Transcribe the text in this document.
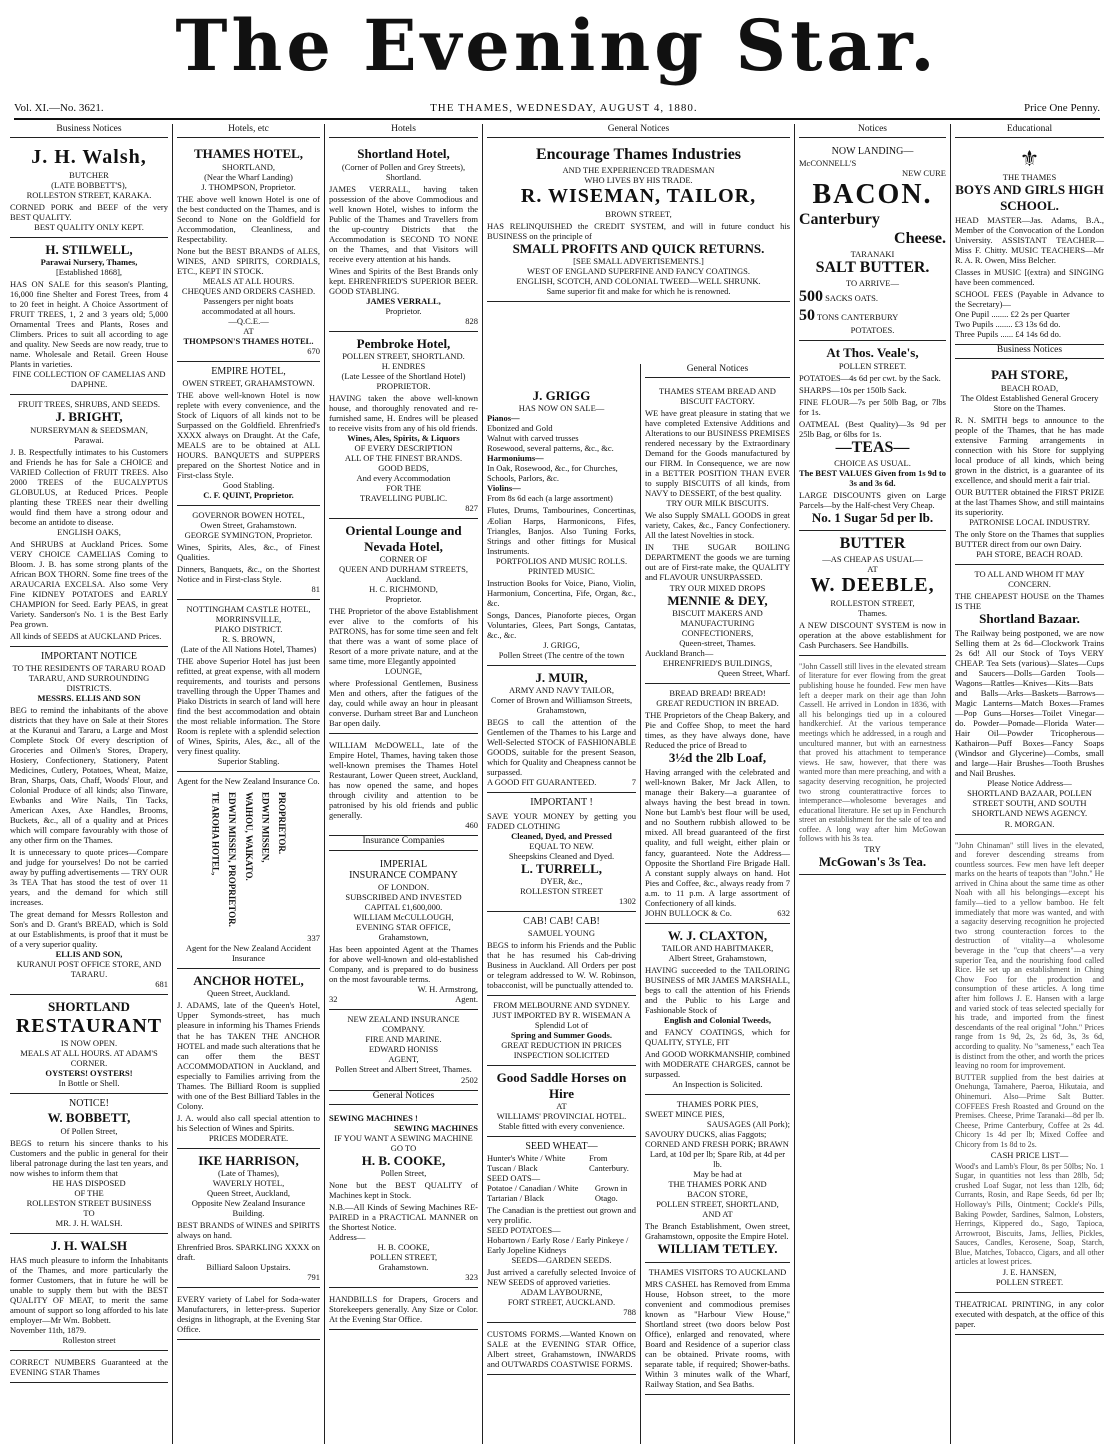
The Evening Star.
Vol. XI.—No. 3621.	THE THAMES, WEDNESDAY, AUGUST 4, 1880.	Price One Penny.
Business Notices
J. H. Walsh,
BUTCHER
(LATE BOBBETT'S),
ROLLESTON STREET, KARAKA.

CORNED PORK and BEEF of the very BEST QUALITY.

BEST QUALITY ONLY KEPT.
H. STILWELL,
Parawai Nursery, Thames,
[Established 1868],

HAS ON SALE for this season's Planting, 16,000 fine Shelter and Forest Trees, from 4 to 20 feet in height. A Choice Assortment of FRUIT TREES, 1, 2 and 3 years old; 5,000 Ornamental Trees and Plants, Roses and Climbers. Prices to suit all according to age and quality. New Seeds are now ready, true to name. Wholesale and Retail. Green House Plants in varieties.

FINE COLLECTION OF CAMELIAS AND DAPHNE.
FRUIT TREES, SHRUBS, AND SEEDS.
J. BRIGHT,
NURSERYMAN & SEEDSMAN,
Parawai.

J. B. Respectfully intimates to his Customers and Friends he has for Sale a CHOICE and VARIED Collection of FRUIT TREES. Also 2000 TREES of the EUCALYPTUS GLOBULUS, at Reduced Prices. People planting these TREES near their dwelling would find them have a strong odour and become an antidote to disease.

ENGLISH OAKS,

And SHRUBS at Auckland Prices. Some VERY CHOICE CAMELIAS Coming to Bloom. J. B. has some strong plants of the African BOX THORN. Some fine trees of the ARAUCARIA EXCELSA. Also some Very Fine KIDNEY POTATOES and EARLY CHAMPION for Seed. Early PEAS, in great Variety. Sanderson's No. 1 is the Best Early Pea grown.

All kinds of SEEDS at AUCKLAND Prices.

IMPORTANT NOTICE
TO THE RESIDENTS OF TARARU ROAD TARARU, AND SURROUNDING DISTRICTS.
MESSRS. ELLIS AND SON

BEG to remind the inhabitants of the above districts that they have on Sale at their Stores at the Kuranui and Tararu, a Large and Most Complete Stock Of every description of Groceries and Oilmen's Stores, Drapery, Hosiery, Confectionery, Stationery, Patent Medicines, Cutlery, Potatoes, Wheat, Maize, Bran, Sharps, Oats, Chaff, Woods' Flour, and Colonial Produce of all kinds; also Tinware, Ewbanks and Wire Nails, Tin Tacks, American Axes, Axe Handles, Brooms, Buckets, &c., all of a quality and at Prices which will compare favourably with those of any other firm on the Thames.

It is unnecessary to quote prices—Compare and judge for yourselves! Do not be carried away by puffing advertisements — TRY OUR 3s TEA That has stood the test of over 11 years, and the demand for which still increases.

The great demand for Messrs Rolleston and Son's and D. Grant's BREAD, which is Sold at our Establishments, is proof that it must be of a very superior quality.

ELLIS AND SON,
KURANUI POST OFFICE STORE, AND TARARU.
681
SHORTLAND
RESTAURANT
IS NOW OPEN.
MEALS AT ALL HOURS. AT ADAM'S CORNER.
OYSTERS! OYSTERS!
In Bottle or Shell.
NOTICE!
W. BOBBETT,
Of Pollen Street,

BEGS to return his sincere thanks to his Customers and the public in general for their liberal patronage during the last ten years, and now wishes to inform them that

HE HAS DISPOSED
OF THE
ROLLESTON STREET BUSINESS
TO
MR. J. H. WALSH.
J. H. WALSH

HAS much pleasure to inform the Inhabitants of the Thames, and more particularly the former Customers, that in future he will be unable to supply them but with the BEST QUALITY OF MEAT, to merit the same amount of support so long afforded to his late employer—Mr Wm. Bobbett.

November 11th, 1879.
Rolleston street

CORRECT NUMBERS Guaranteed at the EVENING STAR Thames

Hotels, etc
THAMES HOTEL,
SHORTLAND,
(Near the Wharf Landing)
J. THOMPSON, Proprietor.

THE above well known Hotel is one of the best conducted on the Thames, and is Second to None on the Goldfield for Accommodation, Cleanliness, and Respectability.

None but the BEST BRANDS of ALES, WINES, AND SPIRITS, CORDIALS, ETC., KEPT IN STOCK.

MEALS AT ALL HOURS.
CHEQUES AND ORDERS CASHED.
Passengers per night boats accommodated at all hours.
—Q.C.E.—
AT
THOMPSON'S THAMES HOTEL.
670
EMPIRE HOTEL,
OWEN STREET, GRAHAMSTOWN.

THE above well-known Hotel is now replete with every convenience, and the Stock of Liquors of all kinds not to be Surpassed on the Goldfield. Ehrenfried's XXXX always on Draught. At the Cafe, MEALS are to be obtained at ALL HOURS. BANQUETS and SUPPERS prepared on the Shortest Notice and in First-class Style.

Good Stabling.
C. F. QUINT, Proprietor.
GOVERNOR BOWEN HOTEL,
Owen Street, Grahamstown.
GEORGE SYMINGTON, Proprietor.

Wines, Spirits, Ales, &c., of Finest Qualities.

Dinners, Banquets, &c., on the Shortest Notice and in First-class Style.

81
NOTTINGHAM CASTLE HOTEL, MORRINSVILLE,
PIAKO DISTRICT.
R. S. BROWN,
(Late of the All Nations Hotel, Thames)

THE above Superior Hotel has just been refitted, at great expense, with all modern requirements, and tourists and persons travelling through the Upper Thames and Piako Districts in search of land will here find the best accommodation and obtain the most reliable information. The Store Room is replete with a splendid selection of Wines, Spirits, Ales, &c., all of the very finest quality.

Superior Stabling.
Agent for the New Zealand Insurance Co.
TE AROHA HOTEL, EDWIN MISSEN, PROPRIETOR. WAIHOU, WAIKATO. EDWIN MISSEN, PROPRIETOR.
337
Agent for the New Zealand Accident Insurance
ANCHOR HOTEL,
Queen Street, Auckland.

J. ADAMS, late of the Queen's Hotel, Upper Symonds-street, has much pleasure in informing his Thames Friends that he has TAKEN THE ANCHOR HOTEL and made such alterations that he can offer them the BEST ACCOMMODATION in Auckland, and especially to Families arriving from the Thames. The Billiard Room is supplied with one of the Best Billiard Tables in the Colony.

J. A. would also call special attention to his Selection of Wines and Spirits.

PRICES MODERATE.
IKE HARRISON,
(Late of Thames),
WAVERLY HOTEL,
Queen Street, Auckland,
Opposite New Zealand Insurance Building.

BEST BRANDS of WINES and SPIRITS always on hand.

Ehrenfried Bros. SPARKLING XXXX on draft.

Billiard Saloon Upstairs.
791

EVERY variety of Label for Soda-water Manufacturers, in letter-press. Superior designs in lithograph, at the Evening Star Office.

Hotels
Shortland Hotel,
(Corner of Pollen and Grey Streets),
Shortland.

JAMES VERRALL, having taken possession of the above Commodious and well known Hotel, wishes to inform the Public of the Thames and Travellers from the up-country Districts that the Accommodation is SECOND TO NONE on the Thames, and that Visitors will receive every attention at his hands.

Wines and Spirits of the Best Brands only kept. EHRENFRIED'S SUPERIOR BEER. GOOD STABLING.

JAMES VERRALL,
Proprietor.
828
Pembroke Hotel,
POLLEN STREET, SHORTLAND.
H. ENDRES
(Late Lessee of the Shortland Hotel) PROPRIETOR.

HAVING taken the above well-known house, and thoroughly renovated and re-furnished same, H. Endres will be pleased to receive visits from any of his old friends.

Wines, Ales, Spirits, & Liquors
OF EVERY DESCRIPTION
ALL OF THE FINEST BRANDS.
GOOD BEDS,
And every Accommodation
FOR THE
TRAVELLING PUBLIC.
827
Oriental Lounge and Nevada Hotel,
CORNER OF
QUEEN AND DURHAM STREETS,
Auckland.
H. C. RICHMOND,
Proprietor.

THE Proprietor of the above Establishment ever alive to the comforts of his PATRONS, has for some time seen and felt that there was a want of some place of Resort of a more private nature, and at the same time, more Elegantly appointed

LOUNGE,

where Professional Gentlemen, Business Men and others, after the fatigues of the day, could while away an hour in pleasant converse. Durham street Bar and Luncheon Bar open daily.

WILLIAM McDOWELL, late of the Empire Hotel, Thames, having taken those well-known premises the Thames Hotel Restaurant, Lower Queen street, Auckland, has now opened the same, and hopes through civility and attention to be patronised by his old friends and public generally.

460
Insurance Companies
IMPERIAL
INSURANCE COMPANY
OF LONDON.
SUBSCRIBED AND INVESTED
CAPITAL £1,600,000.
WILLIAM McCULLOUGH,
EVENING STAR OFFICE,
Grahamstown,

Has been appointed Agent at the Thames for above well-known and old-established Company, and is prepared to do business on the most favourable terms.

W. H. Armstrong,
32	Agent.
NEW ZEALAND INSURANCE COMPANY.
FIRE AND MARINE.
EDWARD HONISS
AGENT,
Pollen Street and Albert Street, Thames.
2502
General Notices
SEWING MACHINES !
SEWING MACHINES
IF YOU WANT A SEWING MACHINE
GO TO
H. B. COOKE,
Pollen Street,

None but the BEST QUALITY of Machines kept in Stock.

N.B.—All Kinds of Sewing Machines RE-PAIRED in a PRACTICAL MANNER on the Shortest Notice.

Address—
H. B. COOKE,
POLLEN STREET,
Grahamstown.
323

HANDBILLS for Drapers, Grocers and Storekeepers generally. Any Size or Color. At the Evening Star Office.

General Notices
Encourage Thames Industries
AND THE EXPERIENCED TRADESMAN
WHO LIVES BY HIS TRADE.
R. WISEMAN, TAILOR,
BROWN STREET,

HAS RELINQUISHED the CREDIT SYSTEM, and will in future conduct his BUSINESS on the principle of

SMALL PROFITS AND QUICK RETURNS.
[SEE SMALL ADVERTISEMENTS.]
WEST OF ENGLAND SUPERFINE AND FANCY COATINGS.
ENGLISH, SCOTCH, AND COLONIAL TWEED—WELL SHRUNK.
Same superior fit and make for which he is renowned.
J. GRIGG
HAS NOW ON SALE—
Pianos—
Ebonized and Gold
Walnut with carved trusses
Rosewood, several patterns, &c., &c.
Harmoniums—
In Oak, Rosewood, &c., for Churches, Schools, Parlors, &c.
Violins—
From 8s 6d each (a large assortment)

Flutes, Drums, Tambourines, Concertinas, Æolian Harps, Harmonicons, Fifes, Triangles, Banjos. Also Tuning Forks, Strings and other fittings for Musical Instruments.

PORTFOLIOS AND MUSIC ROLLS.
PRINTED MUSIC.

Instruction Books for Voice, Piano, Violin, Harmonium, Concertina, Fife, Organ, &c., &c.

Songs, Dances, Pianoforte pieces, Organ Voluntaries, Glees, Part Songs, Cantatas, &c., &c.

J. GRIGG,
Pollen Street (The centre of the town
J. MUIR,
ARMY AND NAVY TAILOR,
Corner of Brown and Williamson Streets, Grahamstown,

BEGS to call the attention of the Gentlemen of the Thames to his Large and Well-Selected STOCK of FASHIONABLE GOODS, suitable for the present Season, which for Quality and Cheapness cannot be surpassed.

A GOOD FIT GUARANTEED.	7
IMPORTANT !

SAVE YOUR MONEY by getting you FADED CLOTHING

Cleaned, Dyed, and Pressed
EQUAL TO NEW.
Sheepskins Cleaned and Dyed.
L. TURRELL,
DYER, &c.,
ROLLESTON STREET
1302
CAB! CAB! CAB!
SAMUEL YOUNG

BEGS to inform his Friends and the Public that he has resumed his Cab-driving Business in Auckland. All Orders per post or telegram addressed to W. W. Robinson, tobacconist, will be punctually attended to.

FROM MELBOURNE AND SYDNEY.
JUST IMPORTED BY R. WISEMAN A Splendid Lot of
Spring and Summer Goods.
GREAT REDUCTION IN PRICES
INSPECTION SOLICITED
Good Saddle Horses on Hire
AT
WILLIAMS' PROVINCIAL HOTEL.
Stable fitted with every convenience.
SEED WHEAT—
Hunter's White / White Tuscan / Black
From Canterbury.
SEED OATS—
Potatoe / Canadian / White Tartarian / Black
Grown in Otago.

The Canadian is the prettiest out grown and very prolific.

SEED POTATOES—
Hobartown / Early Rose / Early Pinkeye / Early Jopeline Kidneys
SEEDS—GARDEN SEEDS.

Just arrived a carefully selected Invoice of NEW SEEDS of approved varieties.

ADAM LAYBOURNE,
FORT STREET, AUCKLAND.
788

CUSTOMS FORMS.—Wanted Known on SALE at the EVENING STAR Office, Albert street, Grahamstown, INWARDS and OUTWARDS COASTWISE FORMS.

General Notices
THAMES STEAM BREAD AND BISCUIT FACTORY.

WE have great pleasure in stating that we have completed Extensive Additions and Alterations to our BUSINESS PREMISES rendered necessary by the Extraordinary Demand for the Goods manufactured by our FIRM. In Consequence, we are now in a BETTER POSITION THAN EVER to supply BISCUITS of all kinds, from NAVY to DESSERT, of the best quality.

TRY OUR MILK BISCUITS.

We also Supply SMALL GOODS in great variety, Cakes, &c., Fancy Confectionery. All the latest Novelties in stock.

IN THE SUGAR BOILING DEPARTMENT the goods we are turning out are of First-rate make, the QUALITY and FLAVOUR UNSURPASSED.

TRY OUR MIXED DROPS
MENNIE & DEY,
BISCUIT MAKERS AND MANUFACTURING CONFECTIONERS,
Queen-street, Thames.
Auckland Branch—
EHRENFRIED'S BUILDINGS,
Queen Street, Wharf.
BREAD BREAD! BREAD!
GREAT REDUCTION IN BREAD.

THE Proprietors of the Cheap Bakery, and Pie and Coffee Shop, to meet the hard times, as they have always done, have Reduced the price of Bread to

3½d the 2lb Loaf,

Having arranged with the celebrated and well-known Baker, Mr Jack Allen, to manage their Bakery—a guarantee of always having the best bread in town. None but Lamb's best flour will be used, and no Southern rubbish allowed to be mixed. All bread guaranteed of the first quality, and full weight, either plain or fancy, guaranteed. Note the Address—Opposite the Shortland Fire Brigade Hall. A constant supply always on hand. Hot Pies and Coffee, &c., always ready from 7 a.m. to 11 p.m. A large assortment of Confectionery of all kinds.

JOHN BULLOCK & Co.	632
W. J. CLAXTON,
TAILOR AND HABITMAKER,
Albert Street, Grahamstown,

HAVING succeeded to the TAILORING BUSINESS of MR JAMES MARSHALL, begs to call the attention of his Friends and the Public to his Large and Fashionable Stock of

English and Colonial Tweeds,

and FANCY COATINGS, which for QUALITY, STYLE, FIT

And GOOD WORKMANSHIP, combined with MODERATE CHARGES, cannot be surpassed.

An Inspection is Solicited.
THAMES PORK PIES,
SWEET MINCE PIES,
SAUSAGES (All Pork);
SAVOURY DUCKS, alias Faggots;
CORNED AND FRESH PORK; BRAWN
Lard, at 10d per lb; Spare Rib, at 4d per lb.
May be had at
THE THAMES PORK AND
BACON STORE,
POLLEN STREET, SHORTLAND,
AND AT

The Branch Establishment, Owen street, Grahamstown, opposite the Empire Hotel.

WILLIAM TETLEY.
THAMES VISITORS TO AUCKLAND

MRS CASHEL has Removed from Emma House, Hobson street, to the more convenient and commodious premises known as "Harbour View House," Shortland street (two doors below Post Office), enlarged and renovated, where Board and Residence of a superior class can be obtained. Private rooms, with separate table, if required; Shower-baths. Within 3 minutes walk of the Wharf, Railway Station, and Sea Baths.

Notices
NOW LANDING—
McCONNELL'S
NEW CURE
BACON.
Canterbury
Cheese.
TARANAKI
SALT BUTTER.
TO ARRIVE—
500 SACKS OATS.
50 TONS CANTERBURY
POTATOES.
At Thos. Veale's,
POLLEN STREET.

POTATOES—4s 6d per cwt. by the Sack.

SHARPS—10s per 150lb Sack.

FINE FLOUR—7s per 50lb Bag, or 7lbs for 1s.

OATMEAL (Best Quality)—3s 9d per 25lb Bag, or 6lbs for 1s.

—TEAS—
CHOICE AS USUAL.
The BEST VALUES Given from 1s 9d to 3s and 3s 6d.

LARGE DISCOUNTS given on Large Parcels—by the Half-chest Very Cheap.

No. 1 Sugar 5d per lb.
BUTTER
—AS CHEAP AS USUAL—
AT
W. DEEBLE,
ROLLESTON STREET,
Thames.

A NEW DISCOUNT SYSTEM is now in operation at the above establishment for Cash Purchasers. See Handbills.

"John Cassell still lives in the elevated stream of literature for ever flowing from the great publishing house he founded. Few men have left a deeper mark on their age than John Cassell. He arrived in London in 1836, with all his belongings tied up in a coloured handkerchief. At the various temperance meetings which he addressed, in a rough and uncultured manner, but with an earnestness that proved his attachment to temperance views. He saw, however, that there was wanted more than mere preaching, and with a sagacity deserving recognition, he projected two strong counterattractive forces to intemperance—wholesome beverages and educational literature. He set up in Fenchurch street an establishment for the sale of tea and coffee. A long way after him McGowan follows with his 3s tea.

TRY
McGowan's 3s Tea.
Educational
⚜
THE THAMES
BOYS AND GIRLS HIGH SCHOOL.

HEAD MASTER—Jas. Adams, B.A., Member of the Convocation of the London University. ASSISTANT TEACHER—Miss F. Chitty. MUSIC TEACHERS—Mr R. A. R. Owen, Miss Belcher.

Classes in MUSIC [(extra) and SINGING have been commenced.

SCHOOL FEES (Payable in Advance to the Secretary)—

One Pupil ........ £2 2s per Quarter
Two Pupils ........ £3 13s 6d do.
Three Pupils ...... £4 14s 6d do.
Business Notices
PAH STORE,
BEACH ROAD,
The Oldest Established General Grocery Store on the Thames.

R. N. SMITH begs to announce to the people of the Thames, that he has made extensive Farming arrangements in connection with his Store for supplying local produce of all kinds, which being grown in the district, is a guarantee of its excellence, and should merit a fair trial.

OUR BUTTER obtained the FIRST PRIZE at the last Thames Show, and still maintains its superiority.

PATRONISE LOCAL INDUSTRY.

The only Store on the Thames that supplies BUTTER direct from our own Dairy.

PAH STORE, BEACH ROAD.
TO ALL AND WHOM IT MAY CONCERN.

THE CHEAPEST HOUSE on the Thames IS THE

Shortland Bazaar.

The Railway being postponed, we are now Selling them at 2s 6d—Clockwork Trains 2s 6d! All our Stock of Toys VERY CHEAP. Tea Sets (various)—Slates—Cups and Saucers—Dolls—Garden Tools—Wagons—Rattles—Knives—Kits—Bats and Balls—Arks—Baskets—Barrows—Magic Lanterns—Match Boxes—Frames—Pop Guns—Horses—Toilet Vinegar—do. Powder—Pomade—Florida Water—Hair Oil—Powder Tricopherous—Kathairon—Puff Boxes—Fancy Soaps (Windsor and Glycerine)—Combs, small and large—Hair Brushes—Tooth Brushes and Nail Brushes.

Please Notice Address—
SHORTLAND BAZAAR, POLLEN STREET SOUTH, AND SOUTH SHORTLAND NEWS AGENCY.
R. MORGAN.

"John Chinaman" still lives in the elevated, and forever descending streams from countless sources. Few men have left deeper marks on the hearts of teapots than "John." He arrived in China about the same time as other Noah with all his belongings—except his family—tied to a yellow bamboo. He felt immediately that more was wanted, and with a sagacity deserving recognition he projected two strong counteraction forces to the destruction of vitality—a wholesome beverage in the "cup that cheers"—a very superior Tea, and the nourishing food called Rice. He set up an establishment in Ching Chow Foo for the production and consumption of these articles. A long time after him follows J. E. Hansen with a large and varied stock of teas selected specially for his trade, and imported from the finest descendants of the real original "John." Prices range from 1s 9d, 2s, 2s 6d, 3s, 3s 6d, according to quality. No "sameness," each Tea is distinct from the other, and worth the prices leaving no room for improvement.

BUTTER supplied from the best dairies at Onehunga, Tamahere, Paeroa, Hikutaia, and Ohinemuri. Also—Prime Salt Butter. COFFEES Fresh Roasted and Ground on the Premises. Cheese, Prime Taranaki—8d per lb. Cheese, Prime Canterbury, Coffee at 2s 4d. Chicory 1s 4d per lb; Mixed Coffee and Chicory from 1s 8d to 2s.

CASH PRICE LIST—

Wood's and Lamb's Flour, 8s per 50lbs; No. 1 Sugar, in quantities not less than 28lb, 5d; crushed Loaf Sugar, not less than 12lb, 6d; Currants, Rosin, and Rape Seeds, 6d per lb; Holloway's Pills, Ointment; Cockle's Pills, Baking Powder, Sardines, Salmon, Lobsters, Herrings, Kippered do., Sago, Tapioca, Arrowroot, Biscuits, Jams, Jellies, Pickles, Sauces, Candles, Kerosene, Soap, Starch, Blue, Matches, Tobacco, Cigars, and all other articles at lowest prices.

J. E. HANSEN,
POLLEN STREET.

THEATRICAL PRINTING, in any color executed with despatch, at the office of this paper.
